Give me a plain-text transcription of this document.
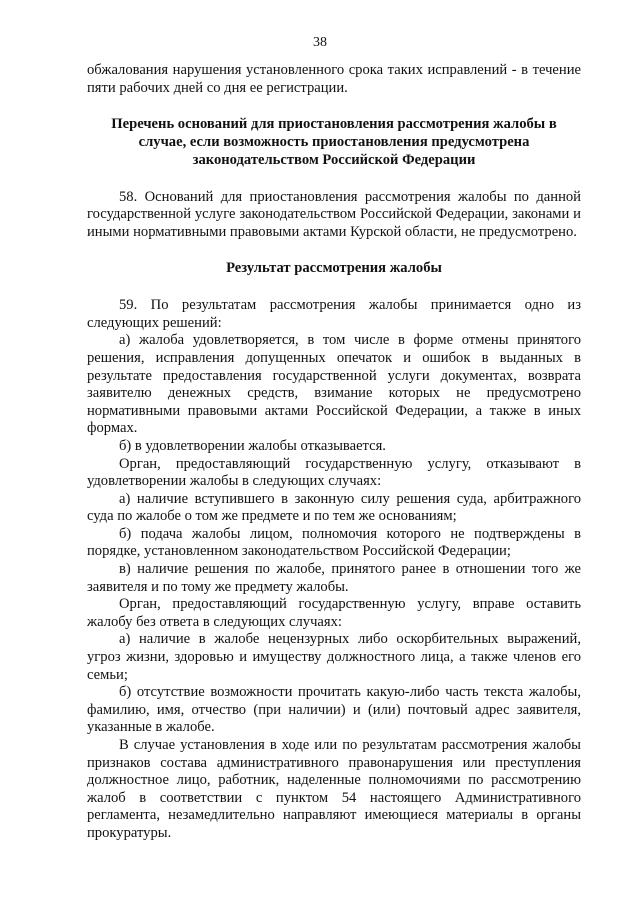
38

обжалования нарушения установленного срока таких исправлений - в течение пяти рабочих дней со дня ее регистрации.

Перечень оснований для приостановления рассмотрения жалобы в
случае, если возможность приостановления предусмотрена
законодательством Российской Федерации

58. Оснований для приостановления рассмотрения жалобы по данной государственной услуге законодательством Российской Федерации, законами и иными нормативными правовыми актами Курской области, не предусмотрено.

Результат рассмотрения жалобы

59. По результатам рассмотрения жалобы принимается одно из следующих решений:

а) жалоба удовлетворяется, в том числе в форме отмены принятого решения, исправления допущенных опечаток и ошибок в выданных в результате предоставления государственной услуги документах, возврата заявителю денежных средств, взимание которых не предусмотрено нормативными правовыми актами Российской Федерации, а также в иных формах.

б) в удовлетворении жалобы отказывается.

Орган, предоставляющий государственную услугу, отказывают в удовлетворении жалобы в следующих случаях:

а) наличие вступившего в законную силу решения суда, арбитражного суда по жалобе о том же предмете и по тем же основаниям;

б) подача жалобы лицом, полномочия которого не подтверждены в порядке, установленном законодательством Российской Федерации;

в) наличие решения по жалобе, принятого ранее в отношении того же заявителя и по тому же предмету жалобы.

Орган, предоставляющий государственную услугу, вправе оставить жалобу без ответа в следующих случаях:

а) наличие в жалобе нецензурных либо оскорбительных выражений, угроз жизни, здоровью и имуществу должностного лица, а также членов его семьи;

б) отсутствие возможности прочитать какую-либо часть текста жалобы, фамилию, имя, отчество (при наличии) и (или) почтовый адрес заявителя, указанные в жалобе.

В случае установления в ходе или по результатам рассмотрения жалобы признаков состава административного правонарушения или преступления должностное лицо, работник, наделенные полномочиями по рассмотрению жалоб в соответствии с пунктом 54 настоящего Административного регламента, незамедлительно направляют имеющиеся материалы в органы прокуратуры.
